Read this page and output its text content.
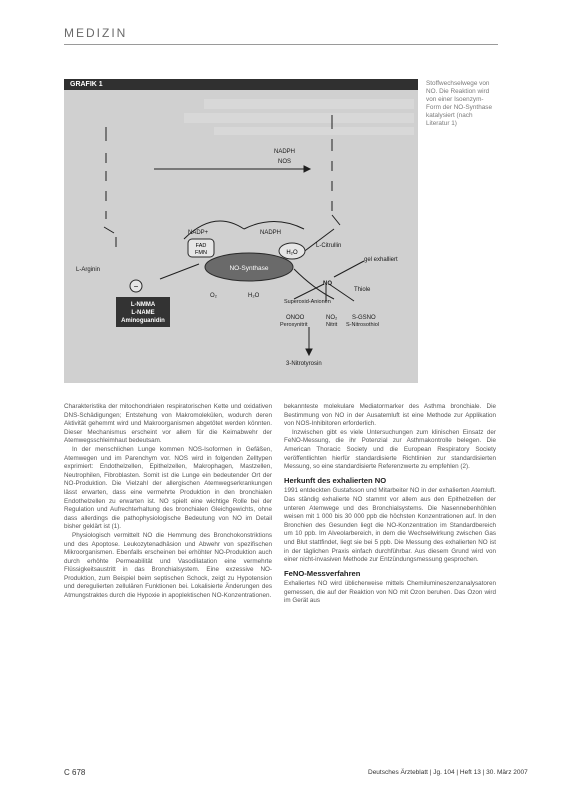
MEDIZIN
NO-Synthase
FAD
FMN	H₂O
−
L-NMMA
L-NAME
Aminoguanidin
L-Arginin
L-Citrullin
NADPH
NOS
NADP+	NADPH
O₂	H₂O
NO
gel exhalliert
Thiole
Superoxid-Anionen
ONOO
Peroxynitrit
NO₂
Nitrit
S-GSNO
S-Nitrosothiol
3-Nitrotyrosin
GRAFIK 1	Stoffwechselwege von NO. Die Reaktion wird von einer Isoenzym-Form der NO-Synthase katalysiert (nach Literatur 1)

Charakteristika der mitochondrialen respiratorischen Kette und oxidativen DNS-Schädigungen; Entstehung von Makromolekülen, wodurch deren Aktivität gehemmt wird und Makroorganismen abgetötet werden könnten. Dieser Mechanismus erscheint vor allem für die Keimabwehr der Atemwegsschleimhaut bedeutsam.

In der menschlichen Lunge kommen NOS-Isoformen in Gefäßen, Atemwegen und im Parenchym vor. NOS wird in folgenden Zelltypen exprimiert: Endothelzellen, Epithelzellen, Makrophagen, Mastzellen, Neutrophilen, Fibroblasten. Somit ist die Lunge ein bedeutender Ort der NO-Produktion. Die Vielzahl der allergischen Atemwegserkrankungen lässt erwarten, dass eine vermehrte Produktion in den bronchialen Endothelzellen zu erwarten ist. NO spielt eine wichtige Rolle bei der Regulation und Aufrechterhaltung des bronchialen Gleichgewichts, ohne dass allerdings die pathophysiologische Bedeutung von NO im Detail bisher geklärt ist (1).

Physiologisch vermittelt NO die Hemmung des Bronchokonstriktions und des Apoptose. Leukozytenadhäsion und Abwehr von spezifischen Mikroorganismen. Ebenfalls erscheinen bei erhöhter NO-Produktion auch durch erhöhte Permeabilität und Vasodilatation eine vermehrte Flüssigkeitsaustritt in das Bronchialsystem. Eine exzessive NO-Produktion, zum Beispiel beim septischen Schock, zeigt zu Hypotension und deregulierten zellulären Funktionen bei. Lokalisierte Änderungen des Atmungstraktes durch die Hypoxie in apoplektischen NO-Konzentrationen.

bekannteste molekulare Mediatormarker des Asthma bronchiale. Die Bestimmung von NO in der Ausatemluft ist eine Methode zur Applikation von NOS-Inhibitoren erforderlich.

Inzwischen gibt es viele Untersuchungen zum klinischen Einsatz der FeNO-Messung, die ihr Potenzial zur Asthmakontrolle belegen. Die American Thoracic Society und die European Respiratory Society veröffentlichten hierfür standardisierte Richtlinien zur standardisierten Messung, so eine standardisierte Referenzwerte zu empfehlen (2).

Herkunft des exhalierten NO

1991 entdeckten Gustafsson und Mitarbeiter NO in der exhalierten Atemluft. Das ständig exhalierte NO stammt vor allem aus den Epithelzellen der unteren Atemwege und des Bronchialsystems. Die Nasennebenhöhlen weisen mit 1 000 bis 30 000 ppb die höchsten Konzentrationen auf. In den Bronchien des Gesunden liegt die NO-Konzentration im Standardbereich um 10 ppb. Im Alveolarbereich, in dem die Wechselwirkung zwischen Gas und Blut stattfindet, liegt sie bei 5 ppb. Die Messung des exhalierten NO ist in der täglichen Praxis einfach durchführbar. Aus diesem Grund wird von einer nicht-invasiven Methode zur Entzündungsmessung gesprochen.

FeNO-Messverfahren

Exhaliertes NO wird üblicherweise mittels Chemilumineszenzanalysatoren gemessen, die auf der Reaktion von NO mit Ozon beruhen. Das Ozon wird im Gerät aus

C 678	Deutsches Ärzteblatt | Jg. 104 | Heft 13 | 30. März 2007
